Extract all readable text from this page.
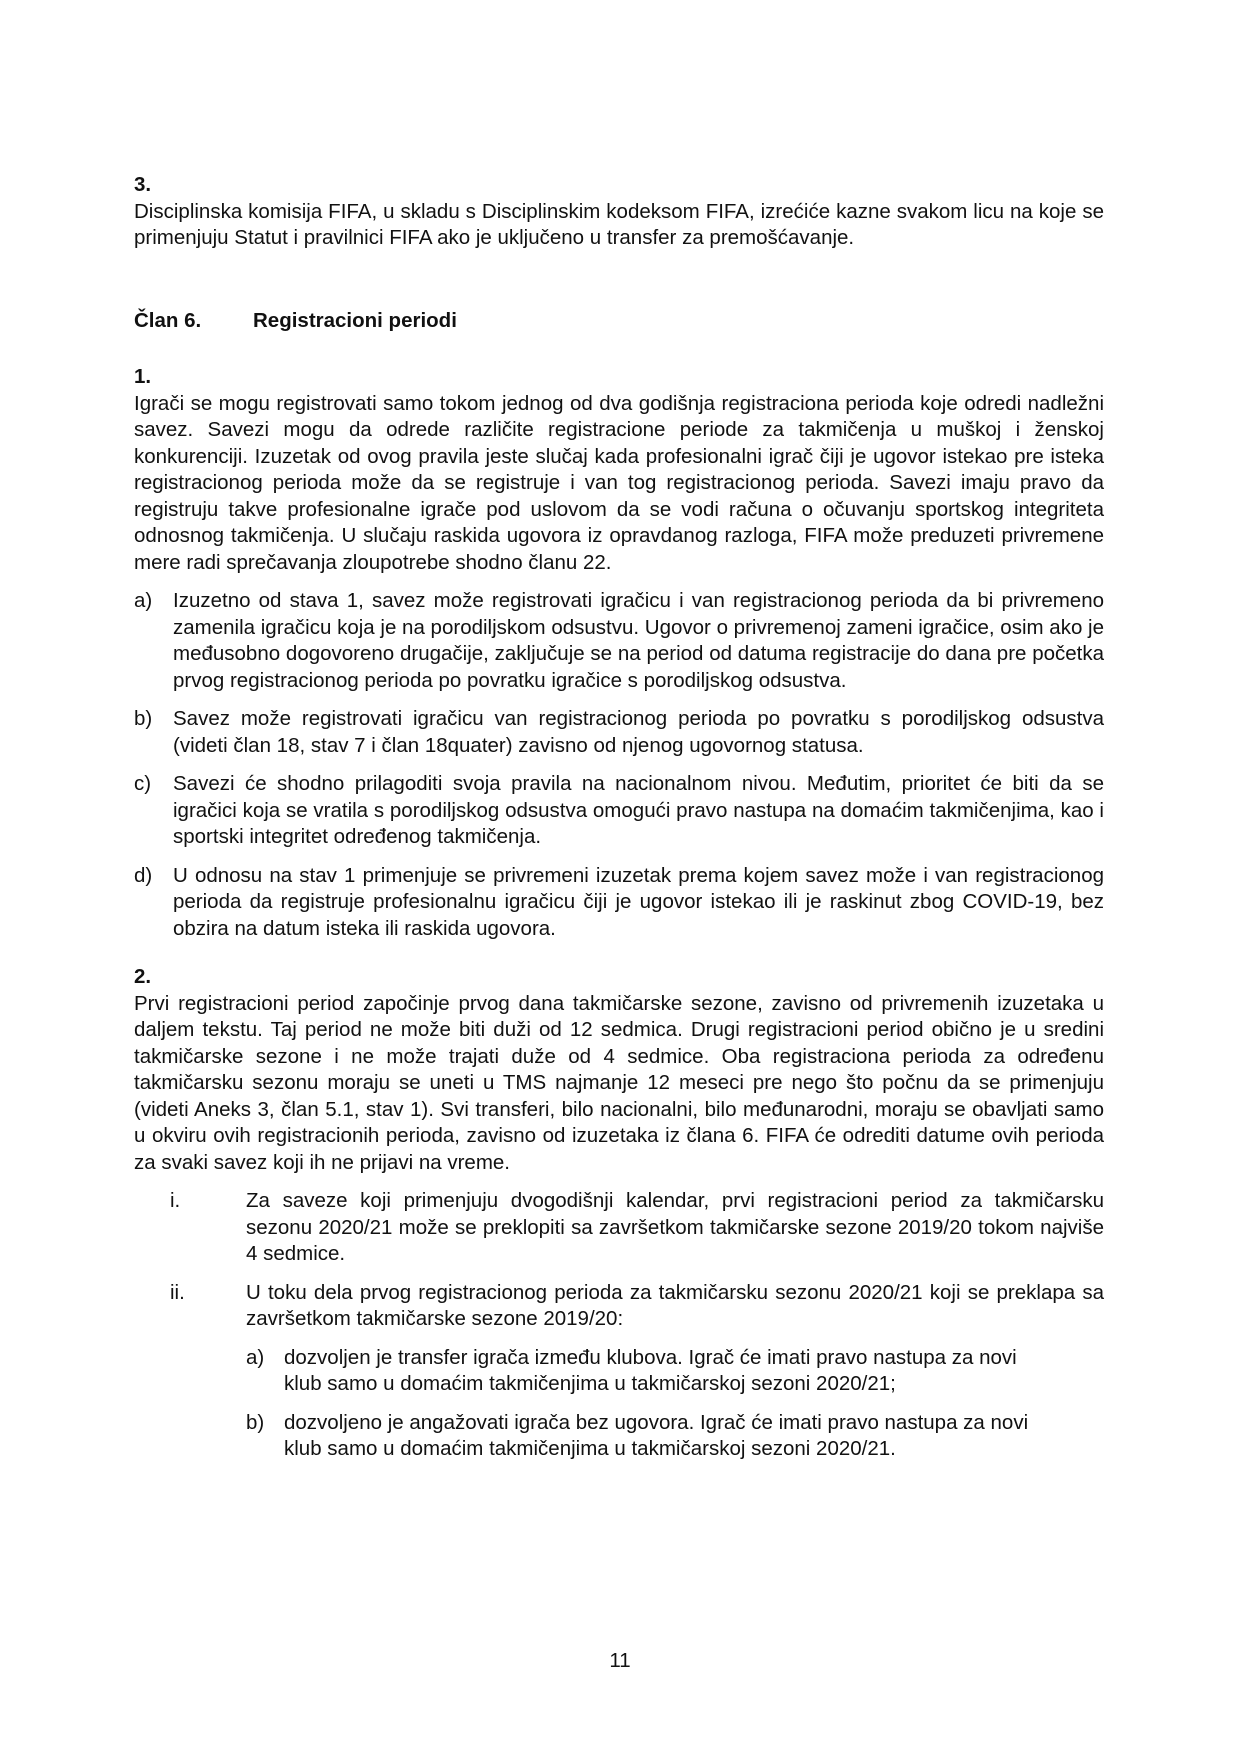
3.

Disciplinska komisija FIFA, u skladu s Disciplinskim kodeksom FIFA, izrećiće kazne svakom licu na koje se primenjuju Statut i pravilnici FIFA ako je uključeno u transfer za premošćavanje.

Član 6.	Registracioni periodi
1.

Igrači se mogu registrovati samo tokom jednog od dva godišnja registraciona perioda koje odredi nadležni savez. Savezi mogu da odrede različite registracione periode za takmičenja u muškoj i ženskoj konkurenciji. Izuzetak od ovog pravila jeste slučaj kada profesionalni igrač čiji je ugovor istekao pre isteka registracionog perioda može da se registruje i van tog registracionog perioda. Savezi imaju pravo da registruju takve profesionalne igrače pod uslovom da se vodi računa o očuvanju sportskog integriteta odnosnog takmičenja. U slučaju raskida ugovora iz opravdanog razloga, FIFA može preduzeti privremene mere radi sprečavanja zloupotrebe shodno članu 22.

a)	Izuzetno od stava 1, savez može registrovati igračicu i van registracionog perioda da bi privremeno zamenila igračicu koja je na porodiljskom odsustvu. Ugovor o privremenoj zameni igračice, osim ako je međusobno dogovoreno drugačije, zaključuje se na period od datuma registracije do dana pre početka prvog registracionog perioda po povratku igračice s porodiljskog odsustva.
b)	Savez može registrovati igračicu van registracionog perioda po povratku s porodiljskog odsustva (videti član 18, stav 7 i član 18quater) zavisno od njenog ugovornog statusa.
c)	Savezi će shodno prilagoditi svoja pravila na nacionalnom nivou. Međutim, prioritet će biti da se igračici koja se vratila s porodiljskog odsustva omogući pravo nastupa na domaćim takmičenjima, kao i sportski integritet određenog takmičenja.
d)	U odnosu na stav 1 primenjuje se privremeni izuzetak prema kojem savez može i van registracionog perioda da registruje profesionalnu igračicu čiji je ugovor istekao ili je raskinut zbog COVID-19, bez obzira na datum isteka ili raskida ugovora.
2.

Prvi registracioni period započinje prvog dana takmičarske sezone, zavisno od privremenih izuzetaka u daljem tekstu. Taj period ne može biti duži od 12 sedmica. Drugi registracioni period obično je u sredini takmičarske sezone i ne može trajati duže od 4 sedmice. Oba registraciona perioda za određenu takmičarsku sezonu moraju se uneti u TMS najmanje 12 meseci pre nego što počnu da se primenjuju (videti Aneks 3, član 5.1, stav 1). Svi transferi, bilo nacionalni, bilo međunarodni, moraju se obavljati samo u okviru ovih registracionih perioda, zavisno od izuzetaka iz člana 6. FIFA će odrediti datume ovih perioda za svaki savez koji ih ne prijavi na vreme.

i.	Za saveze koji primenjuju dvogodišnji kalendar, prvi registracioni period za takmičarsku sezonu 2020/21 može se preklopiti sa završetkom takmičarske sezone 2019/20 tokom najviše 4 sedmice.
ii.	U toku dela prvog registracionog perioda za takmičarsku sezonu 2020/21 koji se preklapa sa završetkom takmičarske sezone 2019/20:
a) dozvoljen je transfer igrača između klubova. Igrač će imati pravo nastupa za novi klub samo u domaćim takmičenjima u takmičarskoj sezoni 2020/21;
b) dozvoljeno je angažovati igrača bez ugovora. Igrač će imati pravo nastupa za novi klub samo u domaćim takmičenjima u takmičarskoj sezoni 2020/21.
11
